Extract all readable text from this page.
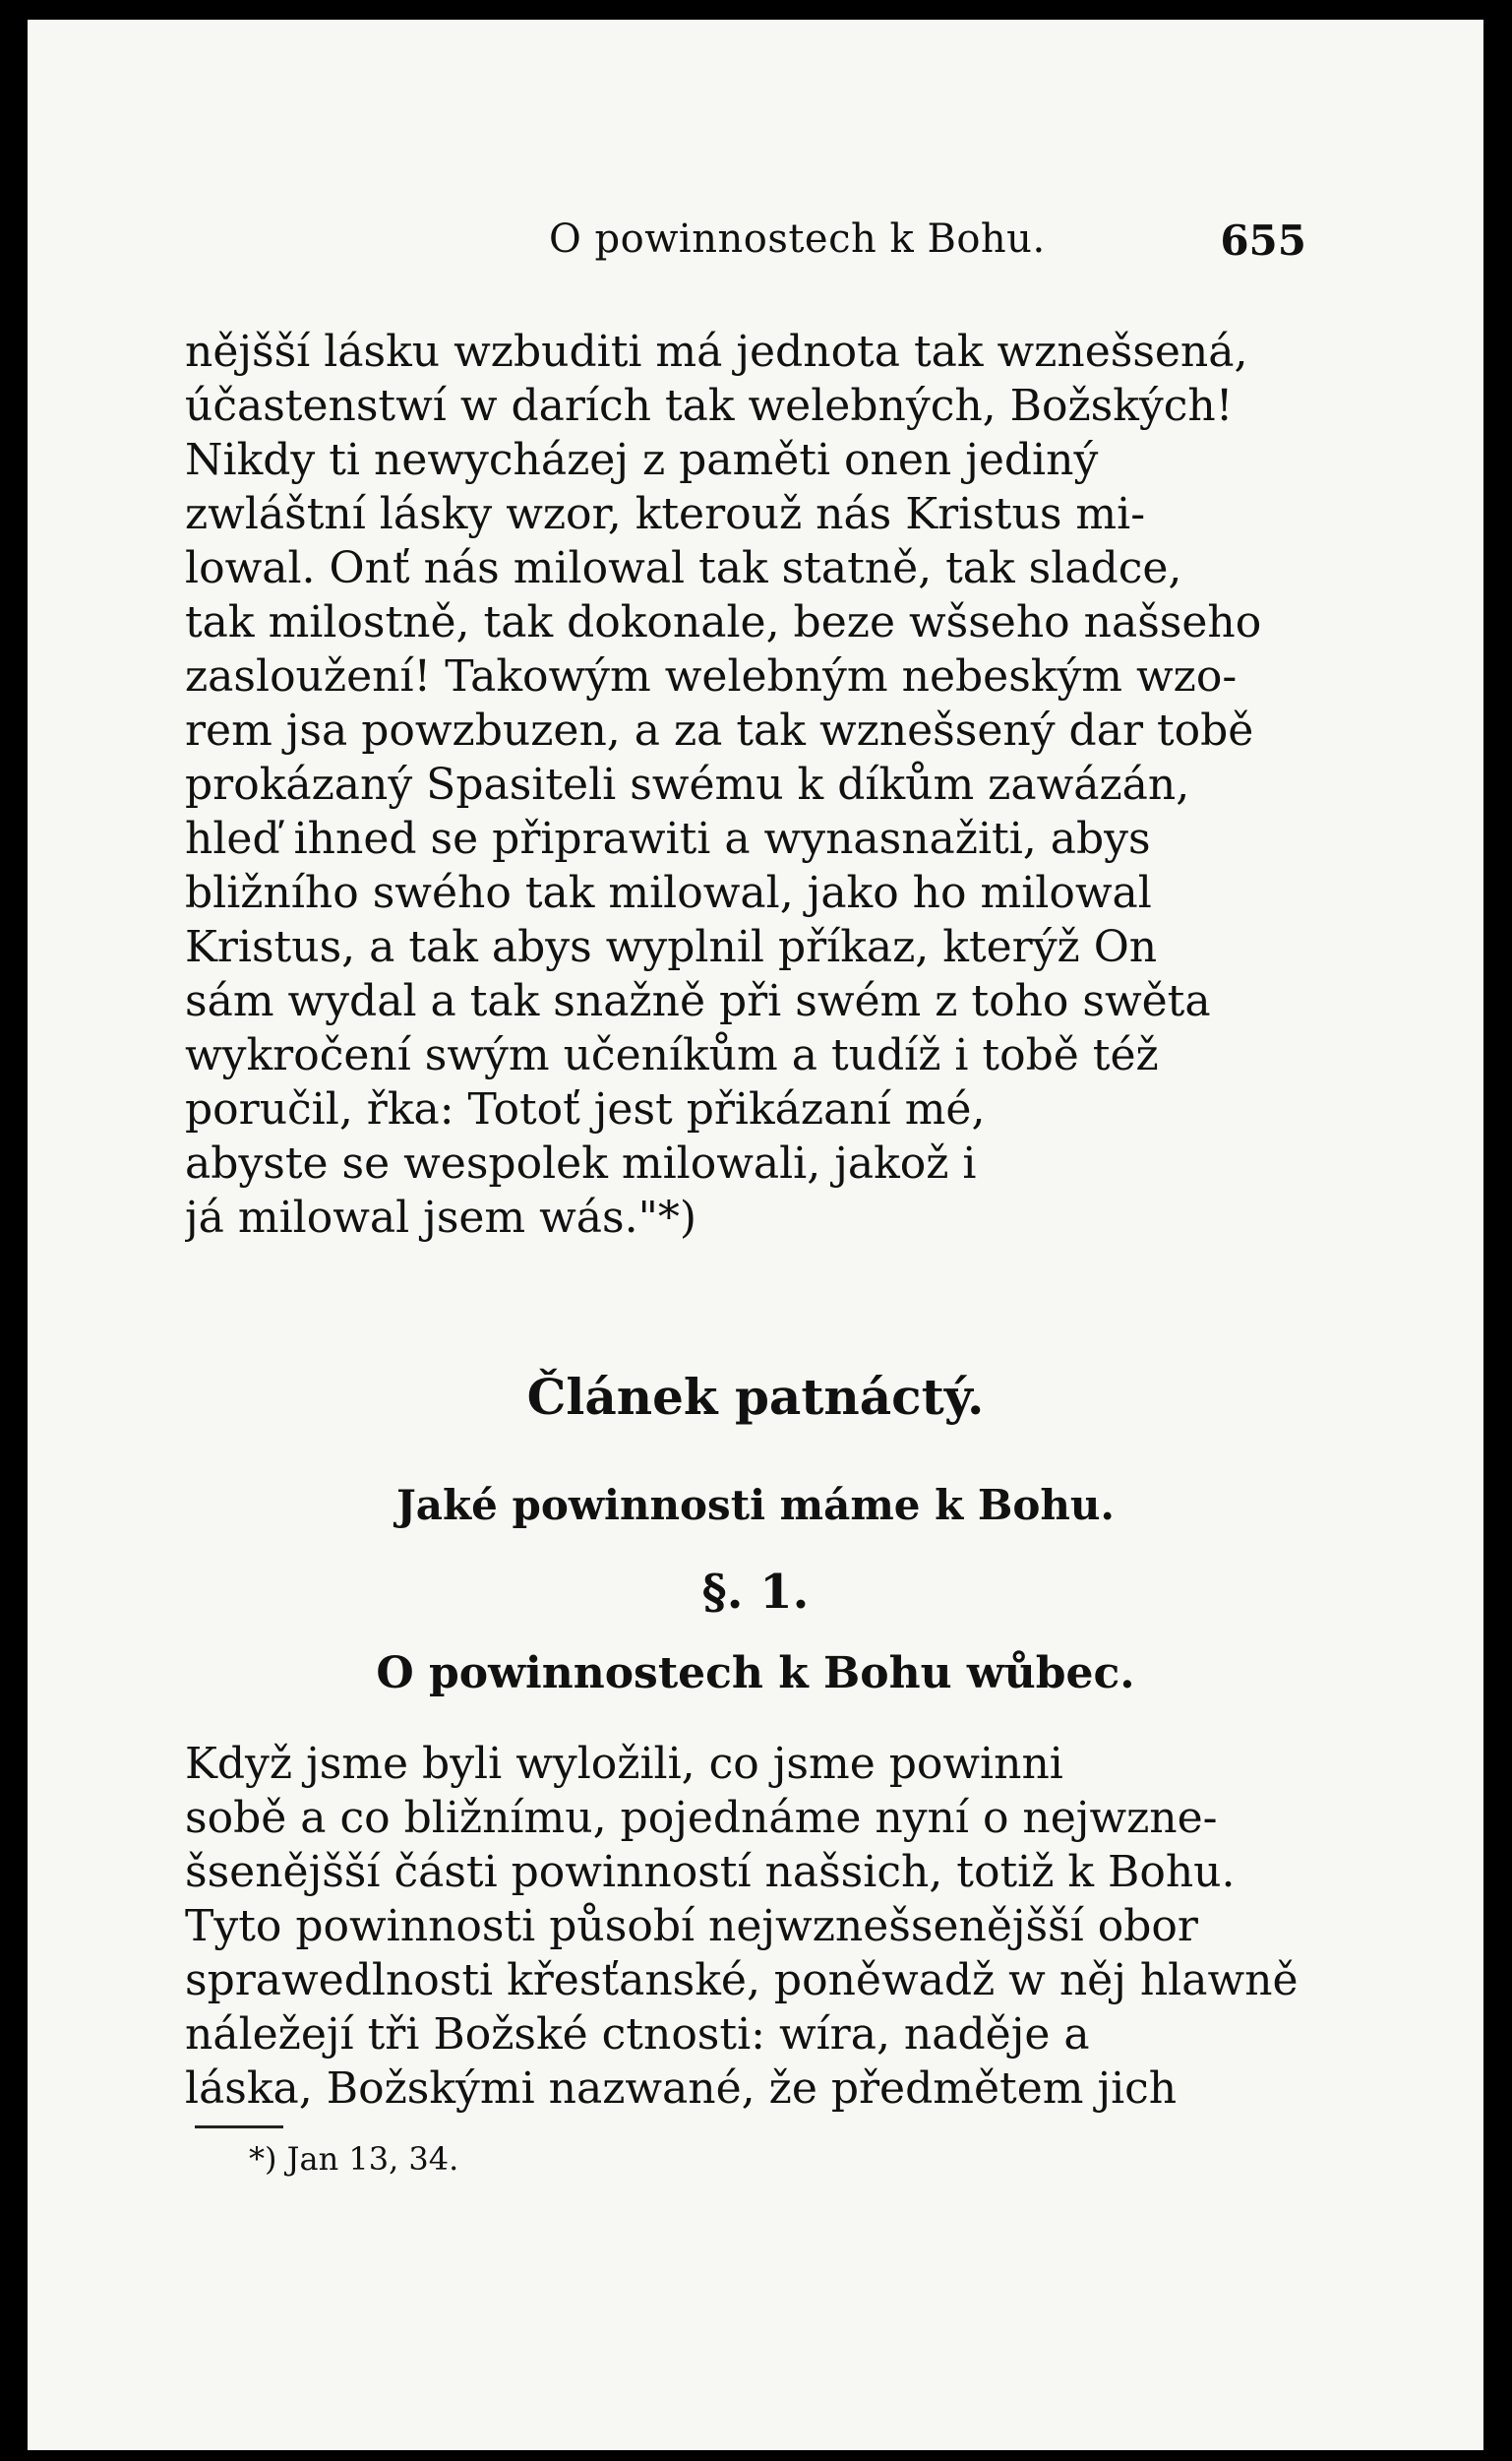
O powinnostech k Bohu.	655
nějšší lásku wzbuditi má jednota tak wznešsená,
účastenstwí w darích tak welebných, Božských!
Nikdy ti newycházej z paměti onen jediný
zwláštní lásky wzor, kterouž nás Kristus mi-
lowal. Onť nás milowal tak statně, tak sladce,
tak milostně, tak dokonale, beze wšseho našseho
zasloužení! Takowým welebným nebeským wzo-
rem jsa powzbuzen, a za tak wznešsený dar tobě
prokázaný Spasiteli swému k díkům zawázán,
hleď ihned se připrawiti a wynasnažiti, abys
bližního swého tak milowal, jako ho milowal
Kristus, a tak abys wyplnil příkaz, kterýž On
sám wydal a tak snažně při swém z toho swěta
wykročení swým učeníkům a tudíž i tobě též
poručil, řka: Totoť jest přikázaní mé,
abyste se wespolek milowali, jakož i
já milowal jsem wás."*)
Článek patnáctý.
Jaké powinnosti máme k Bohu.
§. 1.
O powinnostech k Bohu wůbec.
Když jsme byli wyložili, co jsme powinni
sobě a co bližnímu, pojednáme nyní o nejwzne-
šsenějšší části powinností našsich, totiž k Bohu.
Tyto powinnosti působí nejwznešsenějšší obor
sprawedlnosti křesťanské, poněwadž w něj hlawně
náležejí tři Božské ctnosti: wíra, naděje a
láska, Božskými nazwané, že předmětem jich
*) Jan 13, 34.
